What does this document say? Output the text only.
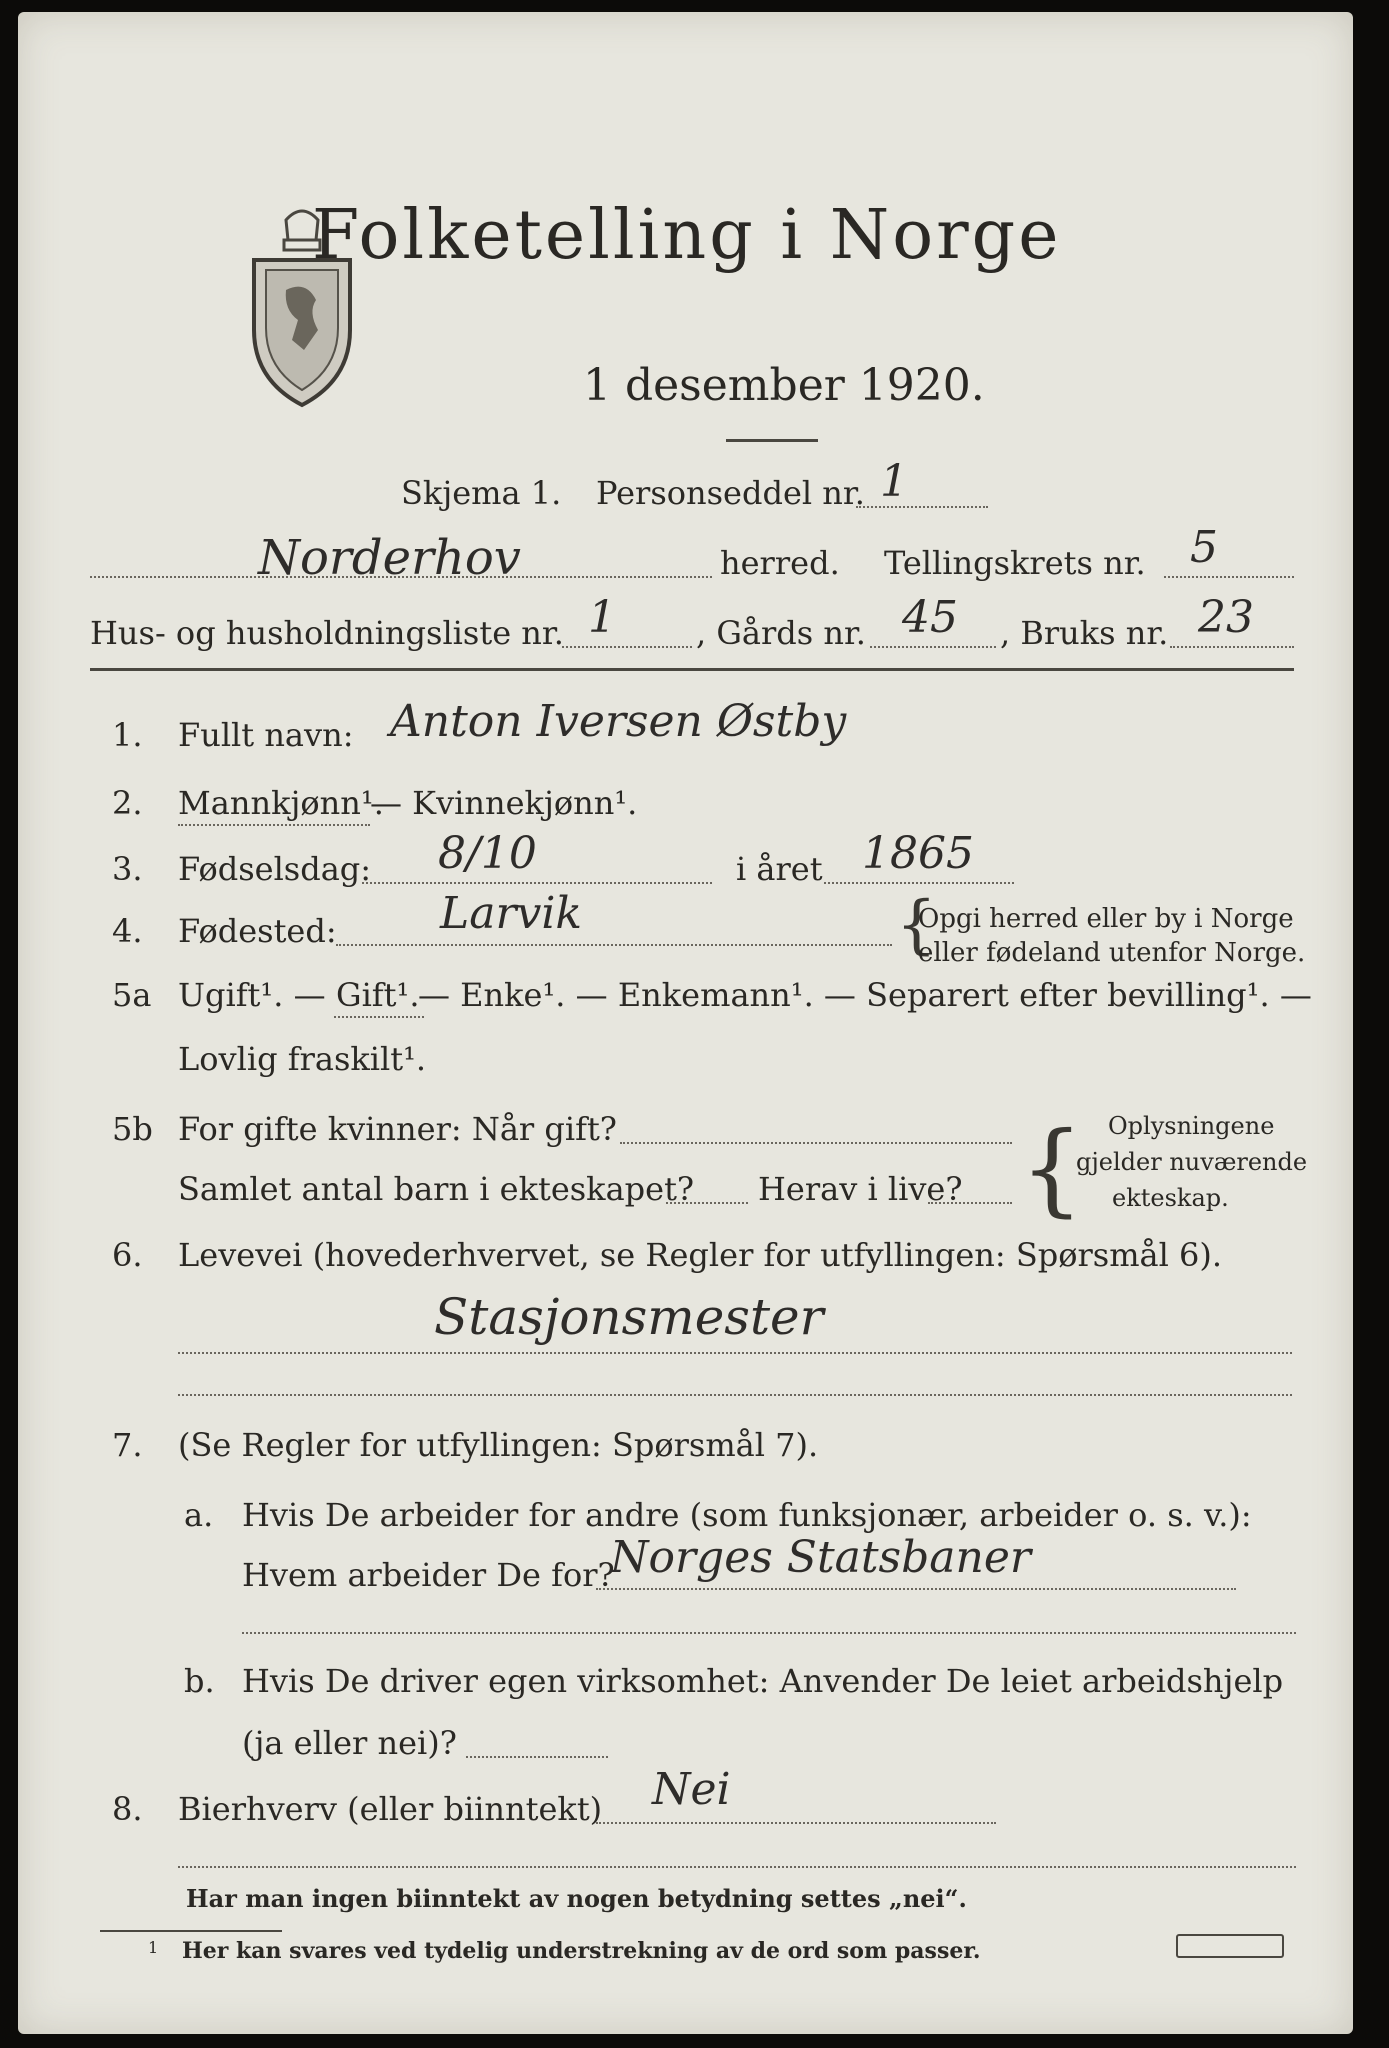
Folketelling i Norge
1 desember 1920.
Skjema 1. Personseddel nr. 1
Norderhov	herred. Tellingskrets nr. 5
Hus- og husholdningsliste nr. 1	, Gårds nr. 45 , Bruks nr. 23
1. Fullt navn: Anton Iversen Østby
2. Mannkjønn¹.
— Kvinnekjønn¹.
3. Fødselsdag: 8/10	i året 1865
4. Fødested: Larvik	{
Opgi herred eller by i Norge
eller fødeland utenfor Norge.
5a Ugift¹. — Gift¹.
— Enke¹. — Enkemann¹. — Separert efter bevilling¹. —
Lovlig fraskilt¹.
5b For gifte kvinner: Når gift?
Samlet antal barn i ekteskapet? Herav i live? { Oplysningene
gjelder nuværende
ekteskap.
6. Levevei (hovederhvervet, se Regler for utfyllingen: Spørsmål 6).
Stasjonsmester
7. (Se Regler for utfyllingen: Spørsmål 7).
a. Hvis De arbeider for andre (som funksjonær, arbeider o. s. v.):
Hvem arbeider De for?
Norges Statsbaner
b. Hvis De driver egen virksomhet: Anvender De leiet arbeidshjelp
(ja eller nei)?
8. Bierhverv (eller biinntekt) Nei
Har man ingen biinntekt av nogen betydning settes „nei“.
1 Her kan svares ved tydelig understrekning av de ord som passer.
